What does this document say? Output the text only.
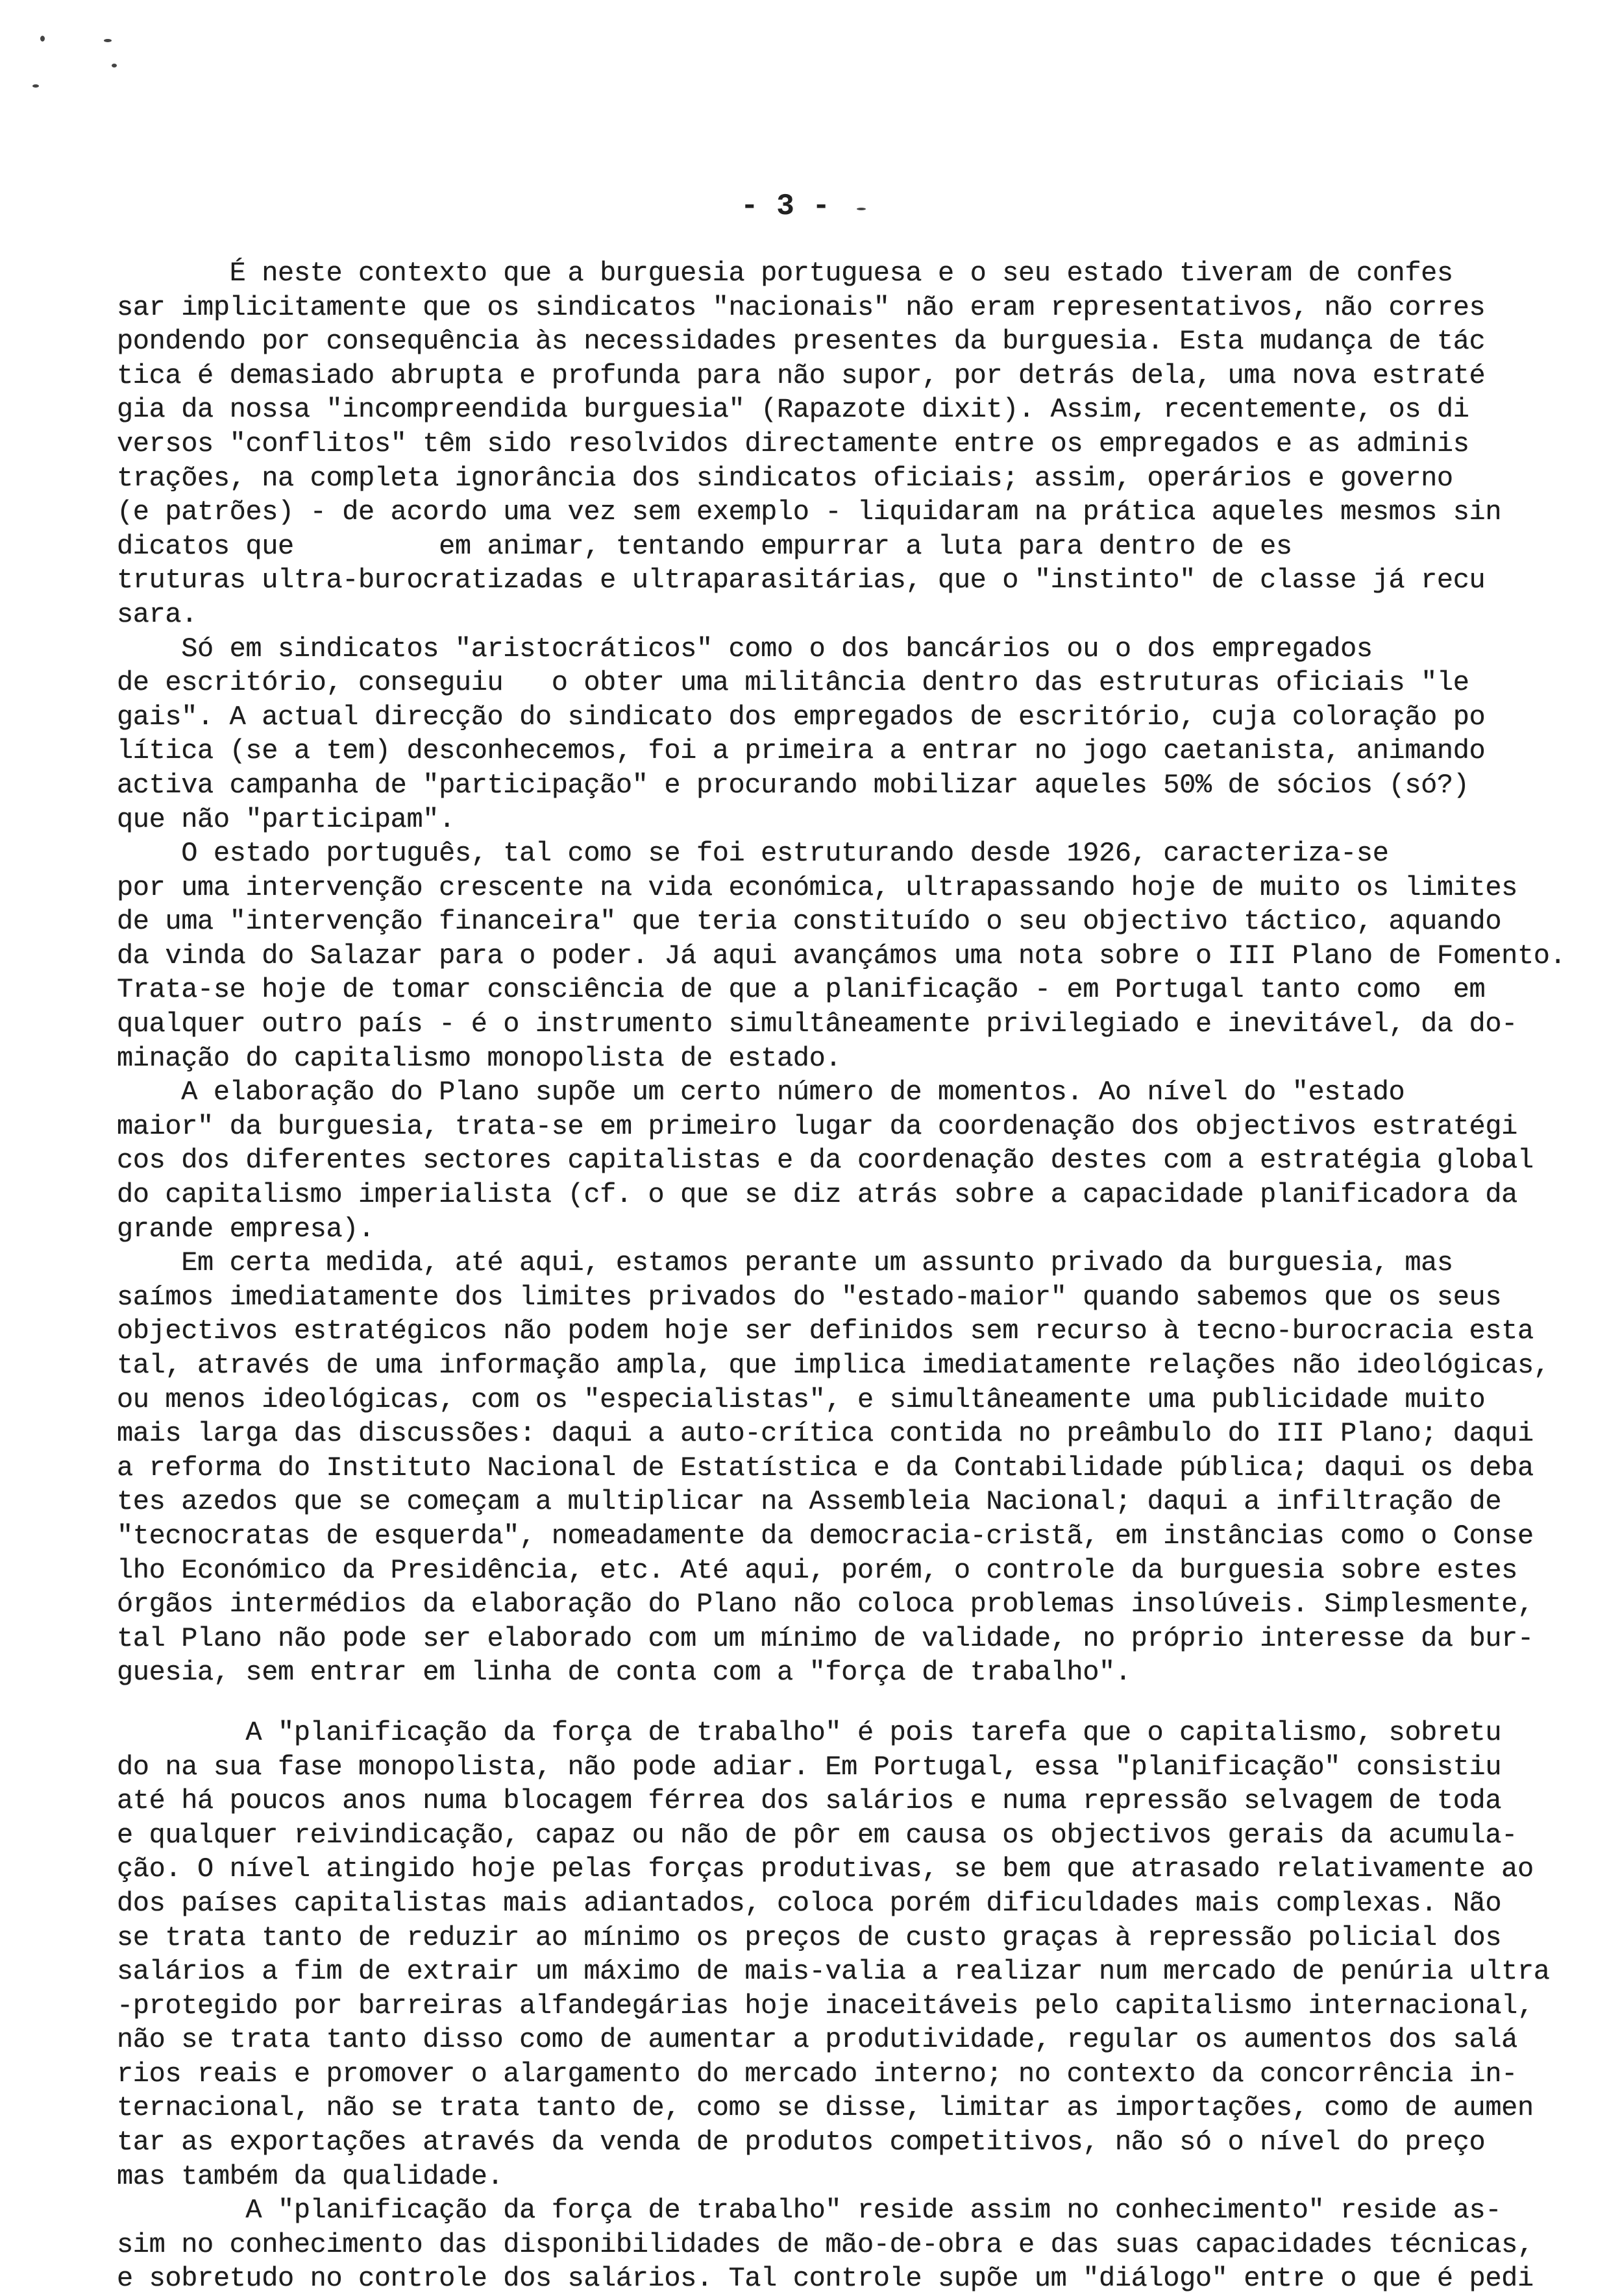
- 3 -
É neste contexto que a burguesia portuguesa e o seu estado tiveram de confes
sar implicitamente que os sindicatos "nacionais" não eram representativos, não corres
pondendo por consequência às necessidades presentes da burguesia. Esta mudança de tác
tica é demasiado abrupta e profunda para não supor, por detrás dela, uma nova estraté
gia da nossa "incompreendida burguesia" (Rapazote dixit). Assim, recentemente, os di
versos "conflitos" têm sido resolvidos directamente entre os empregados e as adminis
trações, na completa ignorância dos sindicatos oficiais; assim, operários e governo
(e patrões) - de acordo uma vez sem exemplo - liquidaram na prática aqueles mesmos sin
dicatos que         em animar, tentando empurrar a luta para dentro de es
truturas ultra-burocratizadas e ultraparasitárias, que o "instinto" de classe já recu
sara.
Só em sindicatos "aristocráticos" como o dos bancários ou o dos empregados
de escritório, conseguiu   o obter uma militância dentro das estruturas oficiais "le
gais". A actual direcção do sindicato dos empregados de escritório, cuja coloração po
lítica (se a tem) desconhecemos, foi a primeira a entrar no jogo caetanista, animando
activa campanha de "participação" e procurando mobilizar aqueles 50% de sócios (só?)
que não "participam".
O estado português, tal como se foi estruturando desde 1926, caracteriza-se
por uma intervenção crescente na vida económica, ultrapassando hoje de muito os limites
de uma "intervenção financeira" que teria constituído o seu objectivo táctico, aquando
da vinda do Salazar para o poder. Já aqui avançámos uma nota sobre o III Plano de Fomento.
Trata-se hoje de tomar consciência de que a planificação - em Portugal tanto como  em
qualquer outro país - é o instrumento simultâneamente privilegiado e inevitável, da do-
minação do capitalismo monopolista de estado.
A elaboração do Plano supõe um certo número de momentos. Ao nível do "estado
maior" da burguesia, trata-se em primeiro lugar da coordenação dos objectivos estratégi
cos dos diferentes sectores capitalistas e da coordenação destes com a estratégia global
do capitalismo imperialista (cf. o que se diz atrás sobre a capacidade planificadora da
grande empresa).
Em certa medida, até aqui, estamos perante um assunto privado da burguesia, mas
saímos imediatamente dos limites privados do "estado-maior" quando sabemos que os seus
objectivos estratégicos não podem hoje ser definidos sem recurso à tecno-burocracia esta
tal, através de uma informação ampla, que implica imediatamente relações não ideológicas,
ou menos ideológicas, com os "especialistas", e simultâneamente uma publicidade muito
mais larga das discussões: daqui a auto-crítica contida no preâmbulo do III Plano; daqui
a reforma do Instituto Nacional de Estatística e da Contabilidade pública; daqui os deba
tes azedos que se começam a multiplicar na Assembleia Nacional; daqui a infiltração de
"tecnocratas de esquerda", nomeadamente da democracia-cristã, em instâncias como o Conse
lho Económico da Presidência, etc. Até aqui, porém, o controle da burguesia sobre estes
órgãos intermédios da elaboração do Plano não coloca problemas insolúveis. Simplesmente,
tal Plano não pode ser elaborado com um mínimo de validade, no próprio interesse da bur-
guesia, sem entrar em linha de conta com a "força de trabalho".
A "planificação da força de trabalho" é pois tarefa que o capitalismo, sobretu
do na sua fase monopolista, não pode adiar. Em Portugal, essa "planificação" consistiu
até há poucos anos numa blocagem férrea dos salários e numa repressão selvagem de toda
e qualquer reivindicação, capaz ou não de pôr em causa os objectivos gerais da acumula-
ção. O nível atingido hoje pelas forças produtivas, se bem que atrasado relativamente ao
dos países capitalistas mais adiantados, coloca porém dificuldades mais complexas. Não
se trata tanto de reduzir ao mínimo os preços de custo graças à repressão policial dos
salários a fim de extrair um máximo de mais-valia a realizar num mercado de penúria ultra
-protegido por barreiras alfandegárias hoje inaceitáveis pelo capitalismo internacional,
não se trata tanto disso como de aumentar a produtividade, regular os aumentos dos salá
rios reais e promover o alargamento do mercado interno; no contexto da concorrência in-
ternacional, não se trata tanto de, como se disse, limitar as importações, como de aumen
tar as exportações através da venda de produtos competitivos, não só o nível do preço
mas também da qualidade.
A "planificação da força de trabalho" reside assim no conhecimento" reside as-
sim no conhecimento das disponibilidades de mão-de-obra e das suas capacidades técnicas,
e sobretudo no controle dos salários. Tal controle supõe um "diálogo" entre o que é pedi
